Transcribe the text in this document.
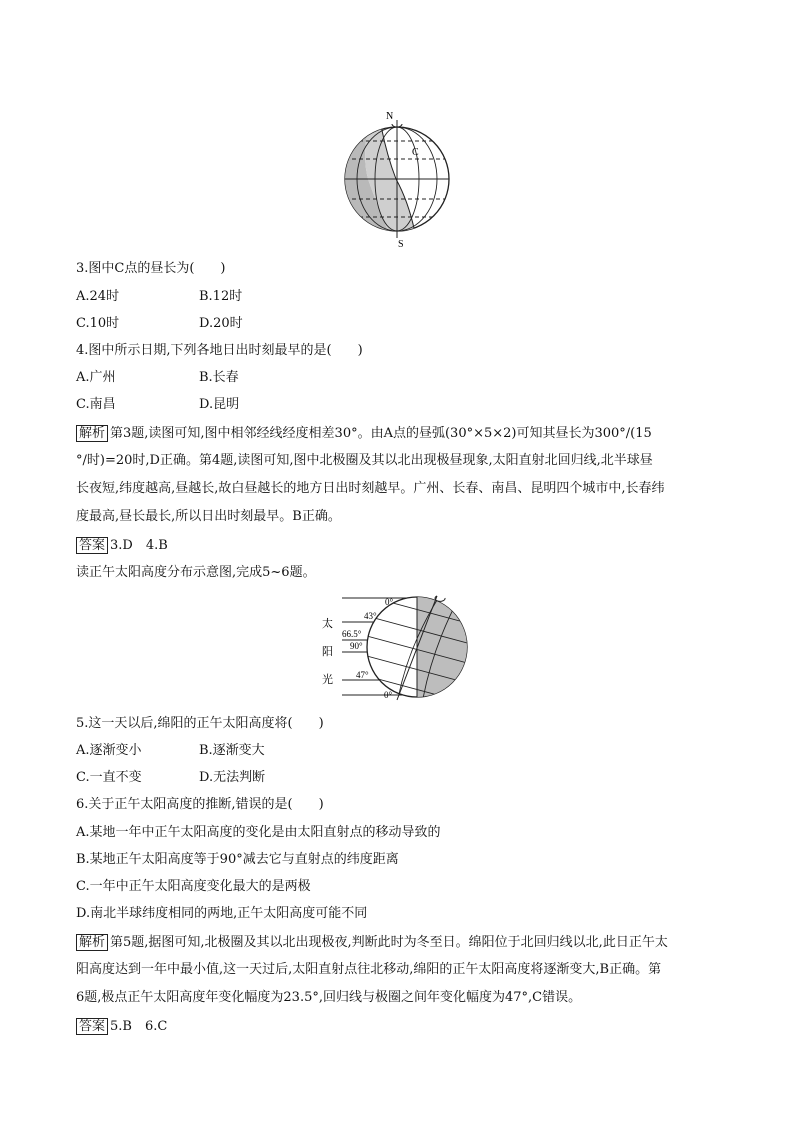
N
S
C
3.图中C点的昼长为(　　)
A.24时	B.12时
C.10时	D.20时
4.图中所示日期,下列各地日出时刻最早的是(　　)
A.广州	B.长春
C.南昌	D.昆明
解析 第3题,读图可知,图中相邻经线经度相差30°。由A点的昼弧(30°×5×2)可知其昼长为300°/(15
°/时)=20时,D正确。第4题,读图可知,图中北极圈及其以北出现极昼现象,太阳直射北回归线,北半球昼
长夜短,纬度越高,昼越长,故白昼越长的地方日出时刻越早。广州、长春、南昌、昆明四个城市中,长春纬
度最高,昼长最长,所以日出时刻最早。B正确。
答案 3.D　4.B
读正午太阳高度分布示意图,完成5~6题。
太
阳
光
0°
43°
66.5°
90°
47°
0°
5.这一天以后,绵阳的正午太阳高度将(　　)
A.逐渐变小	B.逐渐变大
C.一直不变	D.无法判断
6.关于正午太阳高度的推断,错误的是(　　)
A.某地一年中正午太阳高度的变化是由太阳直射点的移动导致的
B.某地正午太阳高度等于90°减去它与直射点的纬度距离
C.一年中正午太阳高度变化最大的是两极
D.南北半球纬度相同的两地,正午太阳高度可能不同
解析 第5题,据图可知,北极圈及其以北出现极夜,判断此时为冬至日。绵阳位于北回归线以北,此日正午太
阳高度达到一年中最小值,这一天过后,太阳直射点往北移动,绵阳的正午太阳高度将逐渐变大,B正确。第
6题,极点正午太阳高度年变化幅度为23.5°,回归线与极圈之间年变化幅度为47°,C错误。
答案 5.B　6.C
